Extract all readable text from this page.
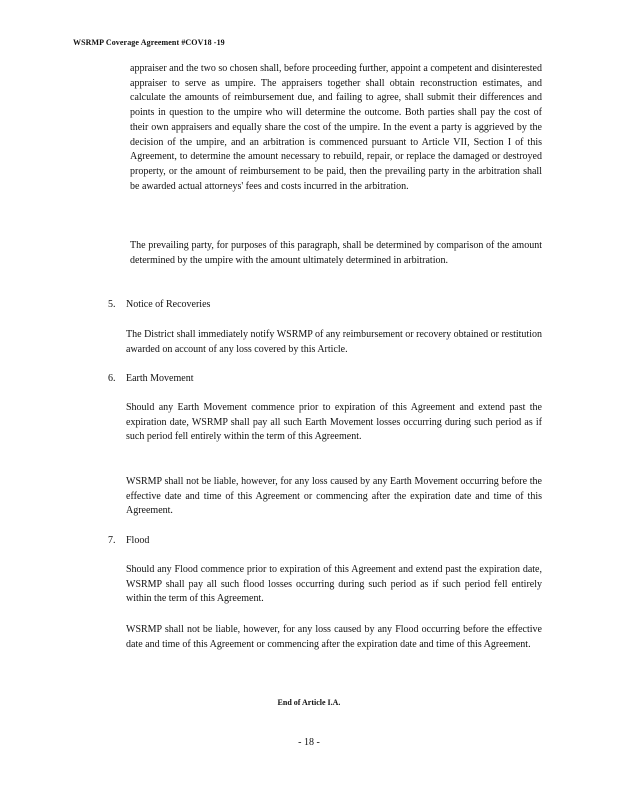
WSRMP Coverage Agreement #COV18 -19

appraiser and the two so chosen shall, before proceeding further, appoint a competent and disinterested appraiser to serve as umpire. The appraisers together shall obtain reconstruction estimates, and calculate the amounts of reimbursement due, and failing to agree, shall submit their differences and points in question to the umpire who will determine the outcome. Both parties shall pay the cost of their own appraisers and equally share the cost of the umpire. In the event a party is aggrieved by the decision of the umpire, and an arbitration is commenced pursuant to Article VII, Section I of this Agreement, to determine the amount necessary to rebuild, repair, or replace the damaged or destroyed property, or the amount of reimbursement to be paid, then the prevailing party in the arbitration shall be awarded actual attorneys' fees and costs incurred in the arbitration.

The prevailing party, for purposes of this paragraph, shall be determined by comparison of the amount determined by the umpire with the amount ultimately determined in arbitration.

5. Notice of Recoveries

The District shall immediately notify WSRMP of any reimbursement or recovery obtained or restitution awarded on account of any loss covered by this Article.

6. Earth Movement

Should any Earth Movement commence prior to expiration of this Agreement and extend past the expiration date, WSRMP shall pay all such Earth Movement losses occurring during such period as if such period fell entirely within the term of this Agreement.

WSRMP shall not be liable, however, for any loss caused by any Earth Movement occurring before the effective date and time of this Agreement or commencing after the expiration date and time of this Agreement.

7. Flood

Should any Flood commence prior to expiration of this Agreement and extend past the expiration date, WSRMP shall pay all such flood losses occurring during such period as if such period fell entirely within the term of this Agreement.

WSRMP shall not be liable, however, for any loss caused by any Flood occurring before the effective date and time of this Agreement or commencing after the expiration date and time of this Agreement.

End of Article I.A.
- 18 -
